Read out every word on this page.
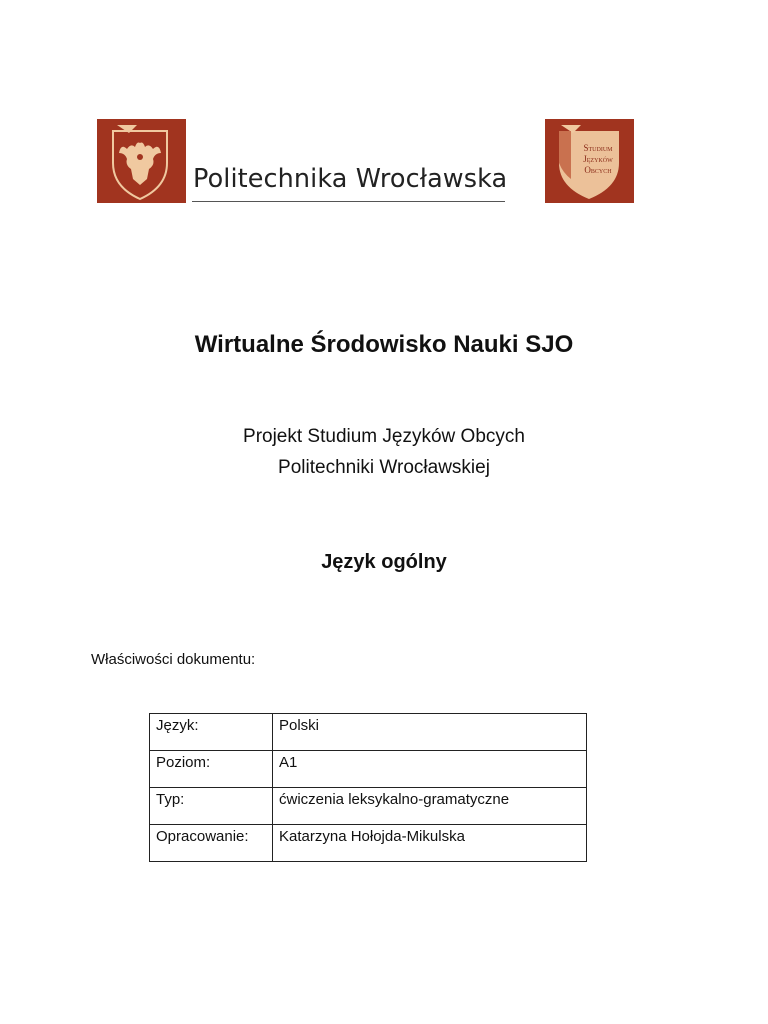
Politechnika Wrocławska
Studium
Języków
Obcych
Wirtualne Środowisko Nauki SJO
Projekt Studium Języków Obcych
Politechniki Wrocławskiej
Język ogólny
Właściwości dokumentu:
Język:	Polski
Poziom:	A1
Typ:	ćwiczenia leksykalno-gramatyczne
Opracowanie:	Katarzyna Hołojda-Mikulska
